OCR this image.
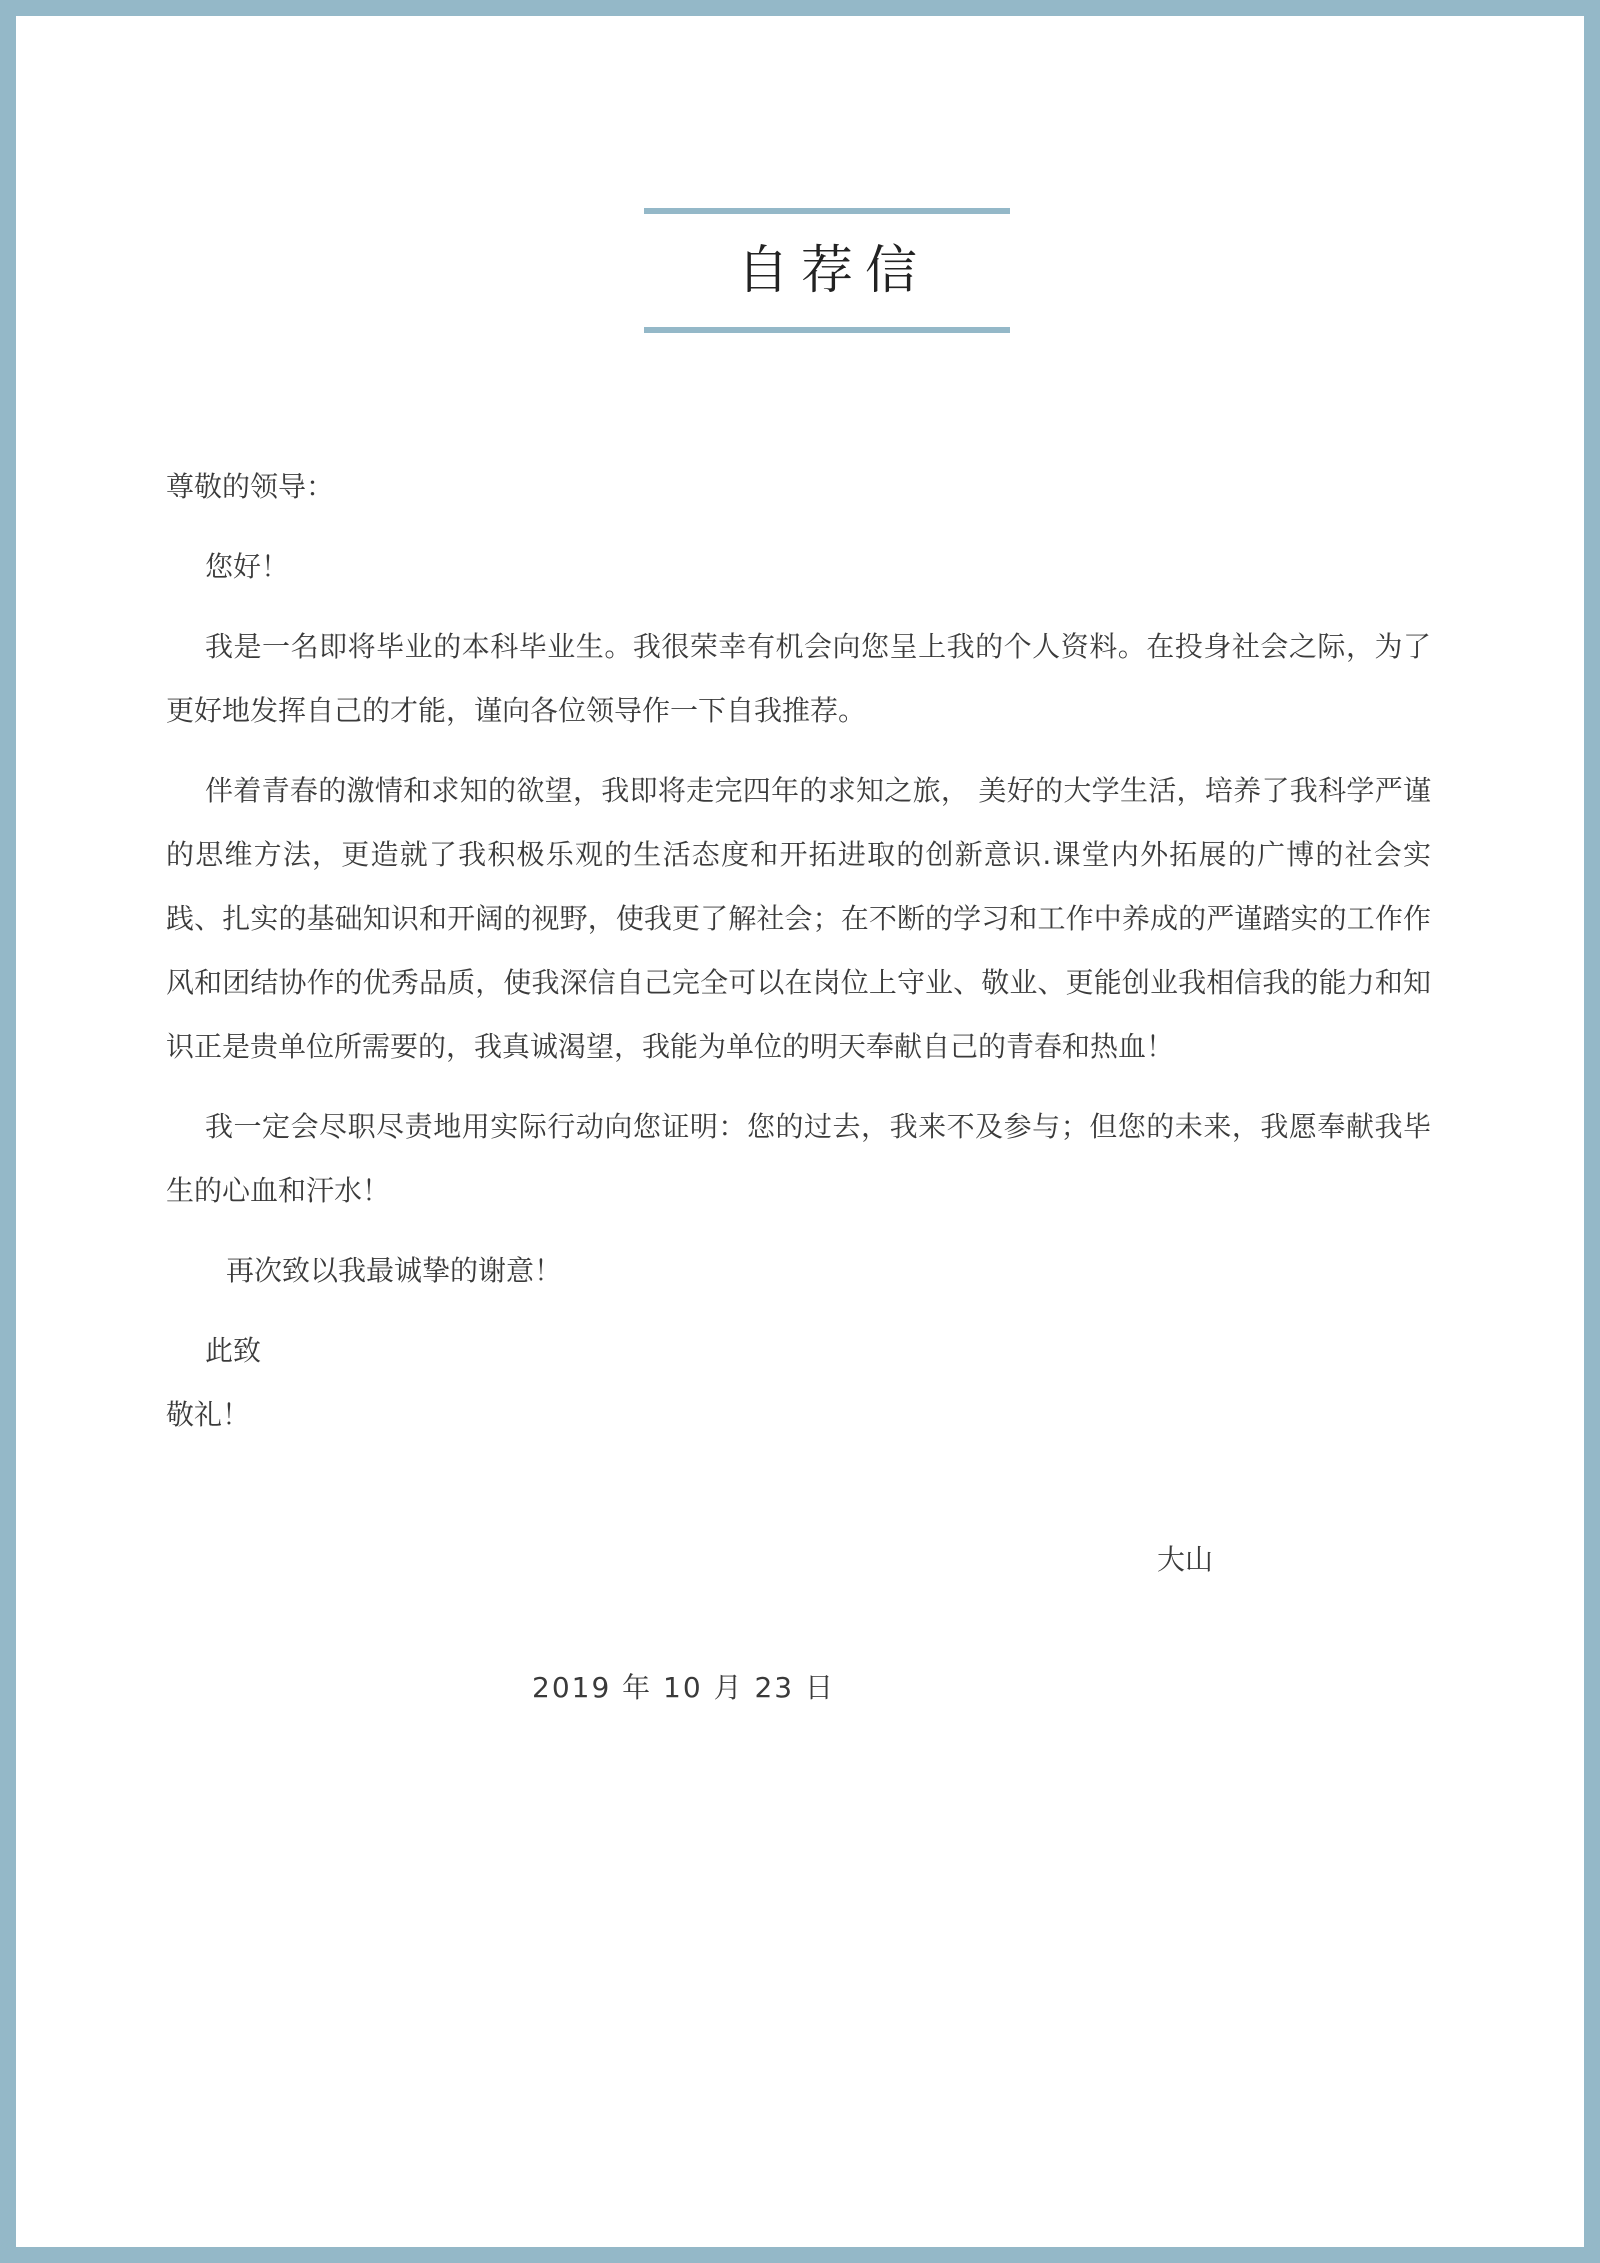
自荐信

尊敬的领导：

您好！

我是一名即将毕业的本科毕业生。我很荣幸有机会向您呈上我的个人资料。在投身社会之际，为了更好地发挥自己的才能，谨向各位领导作一下自我推荐。

伴着青春的激情和求知的欲望，我即将走完四年的求知之旅， 美好的大学生活，培养了我科学严谨的思维方法，更造就了我积极乐观的生活态度和开拓进取的创新意识.课堂内外拓展的广博的社会实践、扎实的基础知识和开阔的视野，使我更了解社会；在不断的学习和工作中养成的严谨踏实的工作作风和团结协作的优秀品质，使我深信自己完全可以在岗位上守业、敬业、更能创业我相信我的能力和知识正是贵单位所需要的，我真诚渴望，我能为单位的明天奉献自己的青春和热血！

我一定会尽职尽责地用实际行动向您证明：您的过去，我来不及参与；但您的未来，我愿奉献我毕生的心血和汗水！

再次致以我最诚挚的谢意！

此致

敬礼！

大山
2019 年 10 月 23 日
